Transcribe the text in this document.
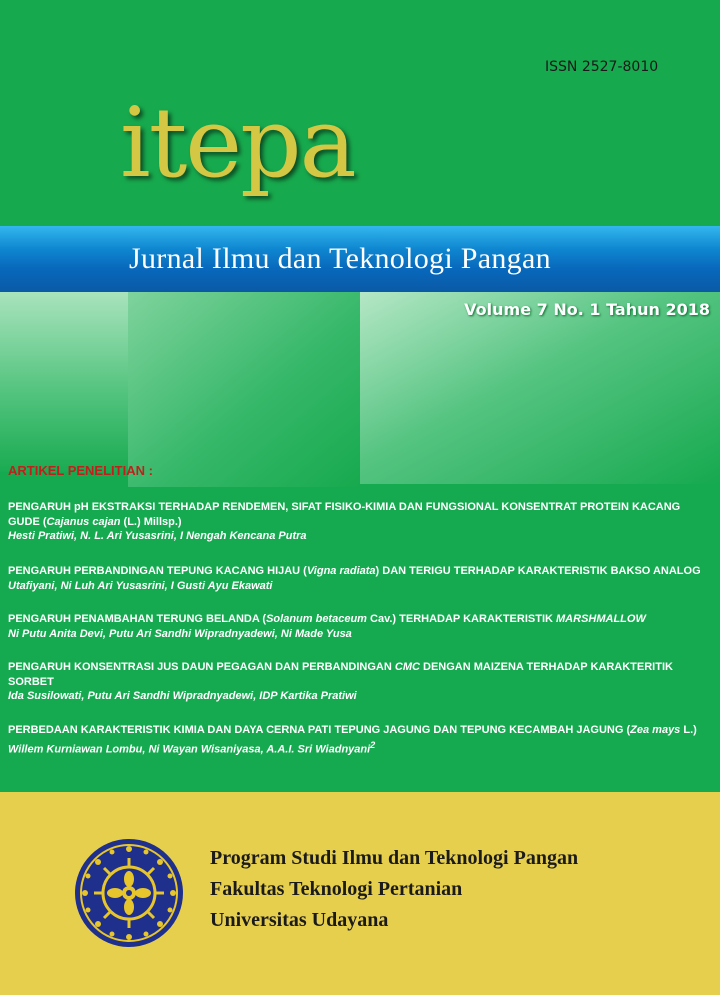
ISSN 2527-8010
itepa
Jurnal Ilmu dan Teknologi Pangan
Volume 7 No. 1 Tahun 2018
ARTIKEL PENELITIAN :
PENGARUH pH EKSTRAKSI TERHADAP RENDEMEN, SIFAT FISIKO-KIMIA DAN FUNGSIONAL KONSENTRAT PROTEIN KACANG GUDE (Cajanus cajan (L.) Millsp.)
Hesti Pratiwi, N. L. Ari Yusasrini, I Nengah Kencana Putra
PENGARUH PERBANDINGAN TEPUNG KACANG HIJAU (Vigna radiata) DAN TERIGU TERHADAP KARAKTERISTIK BAKSO ANALOG
Utafiyani, Ni Luh Ari Yusasrini, I Gusti Ayu Ekawati
PENGARUH PENAMBAHAN TERUNG BELANDA (Solanum betaceum Cav.) TERHADAP KARAKTERISTIK MARSHMALLOW
Ni Putu Anita Devi, Putu Ari Sandhi Wipradnyadewi, Ni Made Yusa
PENGARUH KONSENTRASI JUS DAUN PEGAGAN DAN PERBANDINGAN CMC DENGAN MAIZENA TERHADAP KARAKTERITIK SORBET
Ida Susilowati, Putu Ari Sandhi Wipradnyadewi, IDP Kartika Pratiwi
PERBEDAAN KARAKTERISTIK KIMIA DAN DAYA CERNA PATI TEPUNG JAGUNG DAN TEPUNG KECAMBAH JAGUNG (Zea mays L.)
Willem Kurniawan Lombu, Ni Wayan Wisaniyasa, A.A.I. Sri Wiadnyani$^2$
Program Studi Ilmu dan Teknologi Pangan
Fakultas Teknologi Pertanian
Universitas Udayana
